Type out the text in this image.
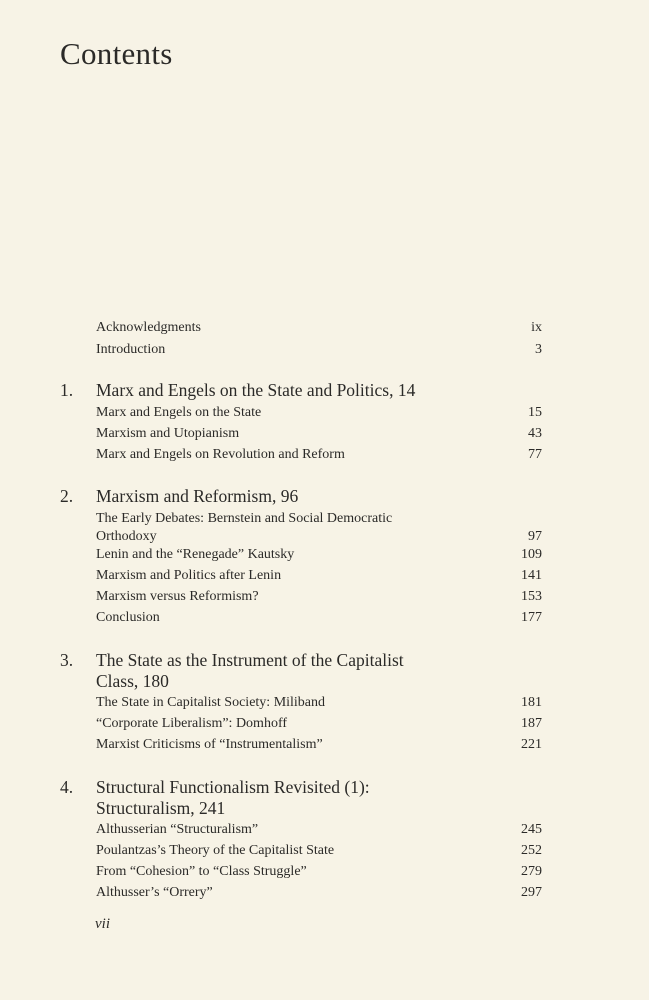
Contents
Acknowledgments	ix
Introduction	3
1. Marx and Engels on the State and Politics, 14
Marx and Engels on the State	15
Marxism and Utopianism	43
Marx and Engels on Revolution and Reform	77
2. Marxism and Reformism, 96
The Early Debates: Bernstein and Social Democratic
Orthodoxy	97
Lenin and the “Renegade” Kautsky	109
Marxism and Politics after Lenin	141
Marxism versus Reformism?	153
Conclusion	177
3. The State as the Instrument of the Capitalist
Class, 180
The State in Capitalist Society: Miliband	181
“Corporate Liberalism”: Domhoff	187
Marxist Criticisms of “Instrumentalism”	221
4. Structural Functionalism Revisited (1):
Structuralism, 241
Althusserian “Structuralism”	245
Poulantzas’s Theory of the Capitalist State	252
From “Cohesion” to “Class Struggle”	279
Althusser’s “Orrery”	297
vii
